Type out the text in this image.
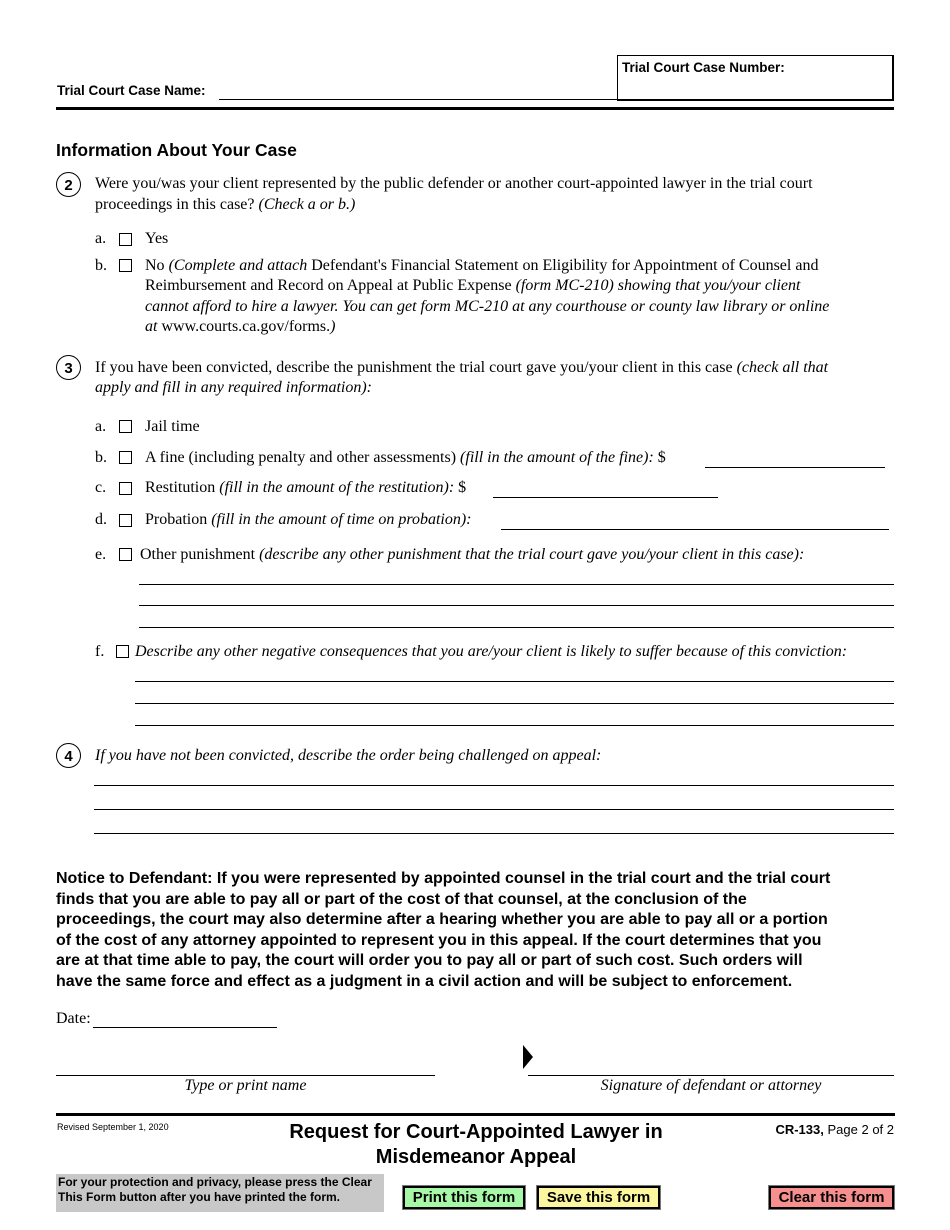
Trial Court Case Name:
Trial Court Case Number:
Information About Your Case
2	Were you/was your client represented by the public defender or another court-appointed lawyer in the trial court
proceedings in this case? (Check a or b.)
a. Yes
b. No (Complete and attach Defendant's Financial Statement on Eligibility for Appointment of Counsel and
Reimbursement and Record on Appeal at Public Expense (form MC-210) showing that you/your client
cannot afford to hire a lawyer. You can get form MC-210 at any courthouse or county law library or online
at www.courts.ca.gov/forms.)
3	If you have been convicted, describe the punishment the trial court gave you/your client in this case (check all that
apply and fill in any required information):
a. Jail time
b. A fine (including penalty and other assessments) (fill in the amount of the fine): $
c. Restitution (fill in the amount of the restitution): $
d. Probation (fill in the amount of time on probation):
e. Other punishment (describe any other punishment that the trial court gave you/your client in this case):
f. Describe any other negative consequences that you are/your client is likely to suffer because of this conviction:
4	If you have not been convicted, describe the order being challenged on appeal:
Notice to Defendant: If you were represented by appointed counsel in the trial court and the trial court
finds that you are able to pay all or part of the cost of that counsel, at the conclusion of the
proceedings, the court may also determine after a hearing whether you are able to pay all or a portion
of the cost of any attorney appointed to represent you in this appeal. If the court determines that you
are at that time able to pay, the court will order you to pay all or part of such cost. Such orders will
have the same force and effect as a judgment in a civil action and will be subject to enforcement.
Date:
Type or print name	Signature of defendant or attorney
Revised September 1, 2020	Request for Court-Appointed Lawyer in
Misdemeanor Appeal
CR-133, Page 2 of 2
For your protection and privacy, please press the Clear
This Form button after you have printed the form.	Print this form	Save this form	Clear this form
